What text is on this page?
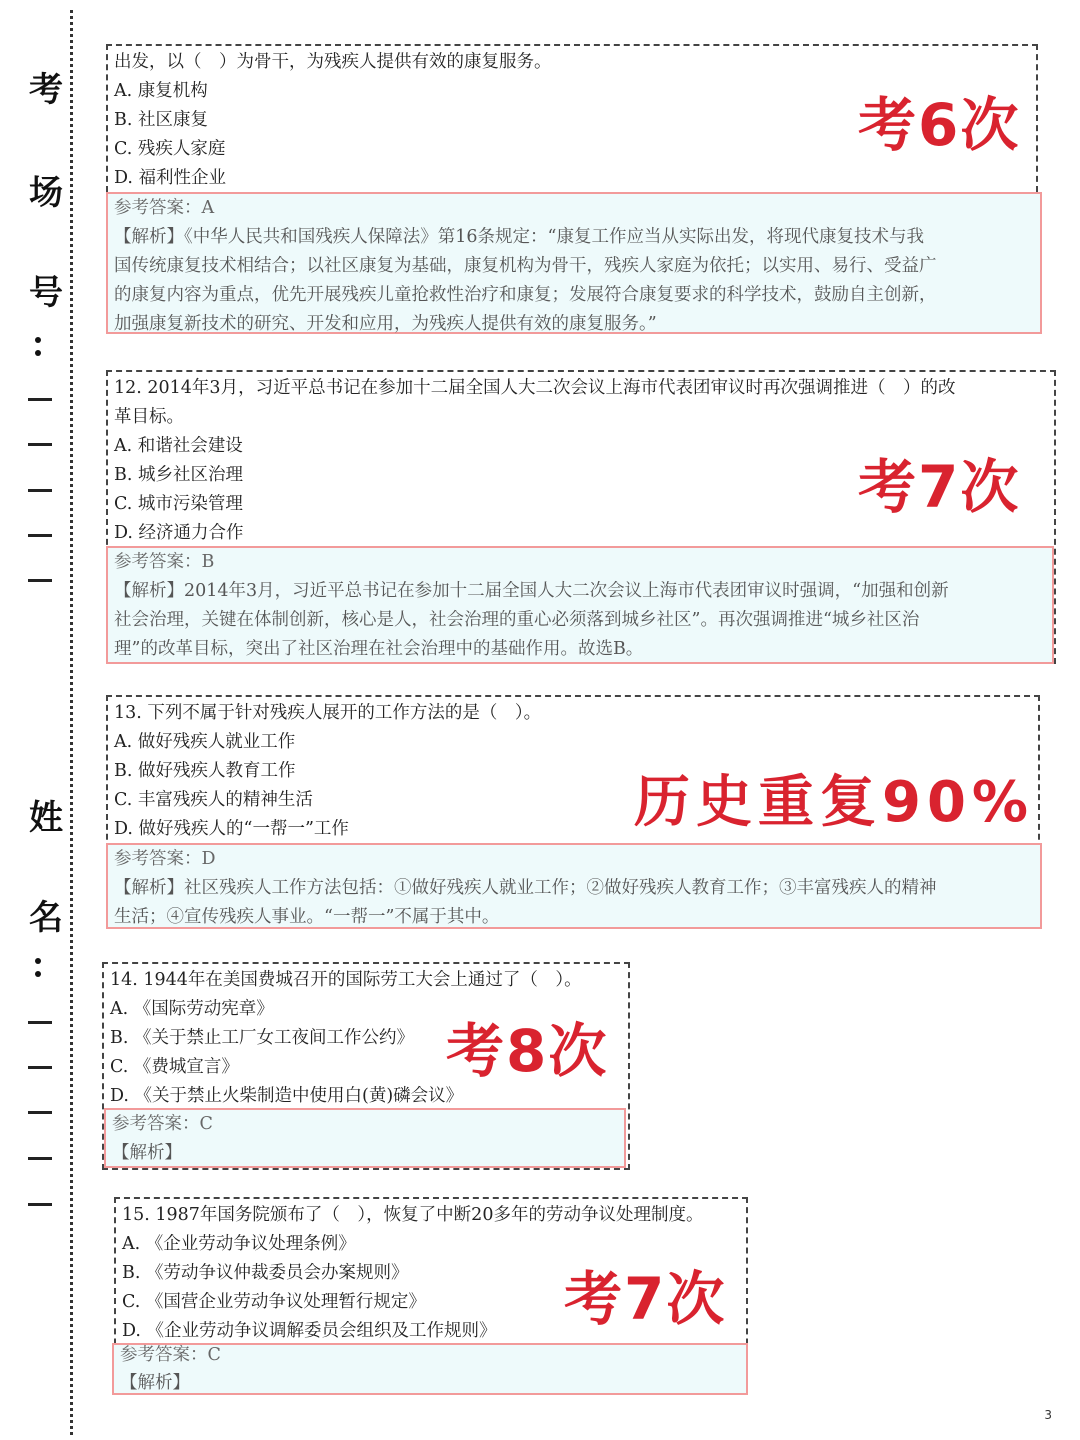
考
场
号
姓
名
出发，以（　）为骨干，为残疾人提供有效的康复服务。
A. 康复机构
B. 社区康复
C. 残疾人家庭
D. 福利性企业
参考答案：A
【解析】《中华人民共和国残疾人保障法》第16条规定：“康复工作应当从实际出发，将现代康复技术与我
国传统康复技术相结合；以社区康复为基础，康复机构为骨干，残疾人家庭为依托；以实用、易行、受益广
的康复内容为重点，优先开展残疾儿童抢救性治疗和康复；发展符合康复要求的科学技术，鼓励自主创新，
加强康复新技术的研究、开发和应用，为残疾人提供有效的康复服务。”
考6次
12. 2014年3月，习近平总书记在参加十二届全国人大二次会议上海市代表团审议时再次强调推进（　）的改
革目标。
A. 和谐社会建设
B. 城乡社区治理
C. 城市污染管理
D. 经济通力合作
参考答案：B
【解析】2014年3月，习近平总书记在参加十二届全国人大二次会议上海市代表团审议时强调，“加强和创新
社会治理，关键在体制创新，核心是人，社会治理的重心必须落到城乡社区”。再次强调推进“城乡社区治
理”的改革目标，突出了社区治理在社会治理中的基础作用。故选B。
考7次
13. 下列不属于针对残疾人展开的工作方法的是（　）。
A. 做好残疾人就业工作
B. 做好残疾人教育工作
C. 丰富残疾人的精神生活
D. 做好残疾人的“一帮一”工作
参考答案：D
【解析】社区残疾人工作方法包括：①做好残疾人就业工作；②做好残疾人教育工作；③丰富残疾人的精神
生活；④宣传残疾人事业。“一帮一”不属于其中。
历史重复90%
14. 1944年在美国费城召开的国际劳工大会上通过了（　）。
A. 《国际劳动宪章》
B. 《关于禁止工厂女工夜间工作公约》
C. 《费城宣言》
D. 《关于禁止火柴制造中使用白(黄)磷会议》
参考答案：C
【解析】
考8次
15. 1987年国务院颁布了（　），恢复了中断20多年的劳动争议处理制度。
A. 《企业劳动争议处理条例》
B. 《劳动争议仲裁委员会办案规则》
C. 《国营企业劳动争议处理暂行规定》
D. 《企业劳动争议调解委员会组织及工作规则》
参考答案：C
【解析】
考7次
3
